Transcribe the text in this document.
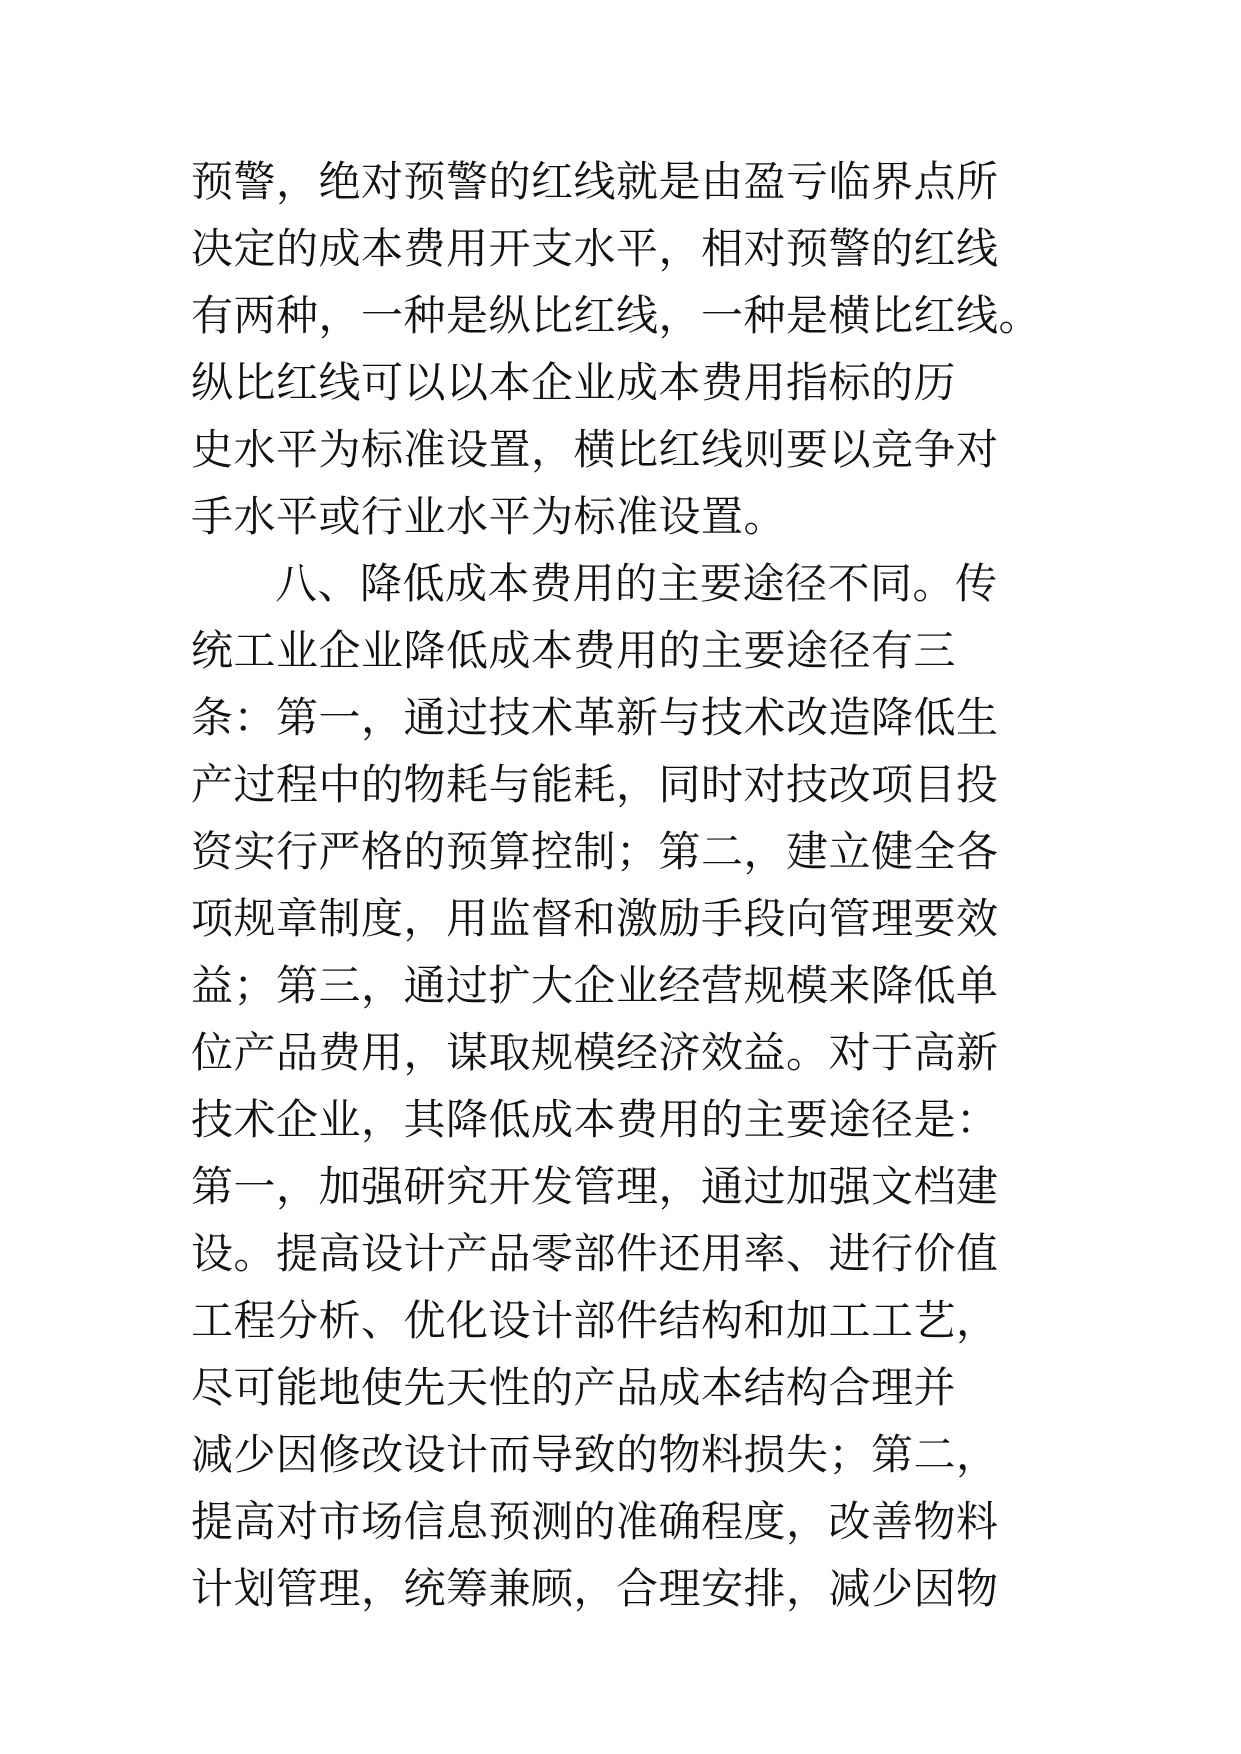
预警，绝对预警的红线就是由盈亏临界点所
决定的成本费用开支水平，相对预警的红线
有两种，一种是纵比红线，一种是横比红线。
纵比红线可以以本企业成本费用指标的历
史水平为标准设置，横比红线则要以竞争对
手水平或行业水平为标准设置。
八、降低成本费用的主要途径不同。传
统工业企业降低成本费用的主要途径有三
条：第一，通过技术革新与技术改造降低生
产过程中的物耗与能耗，同时对技改项目投
资实行严格的预算控制；第二，建立健全各
项规章制度，用监督和激励手段向管理要效
益；第三，通过扩大企业经营规模来降低单
位产品费用，谋取规模经济效益。对于高新
技术企业，其降低成本费用的主要途径是：
第一，加强研究开发管理，通过加强文档建
设。提高设计产品零部件还用率、进行价值
工程分析、优化设计部件结构和加工工艺，
尽可能地使先天性的产品成本结构合理并
减少因修改设计而导致的物料损失；第二，
提高对市场信息预测的准确程度，改善物料
计划管理，统筹兼顾，合理安排，减少因物
